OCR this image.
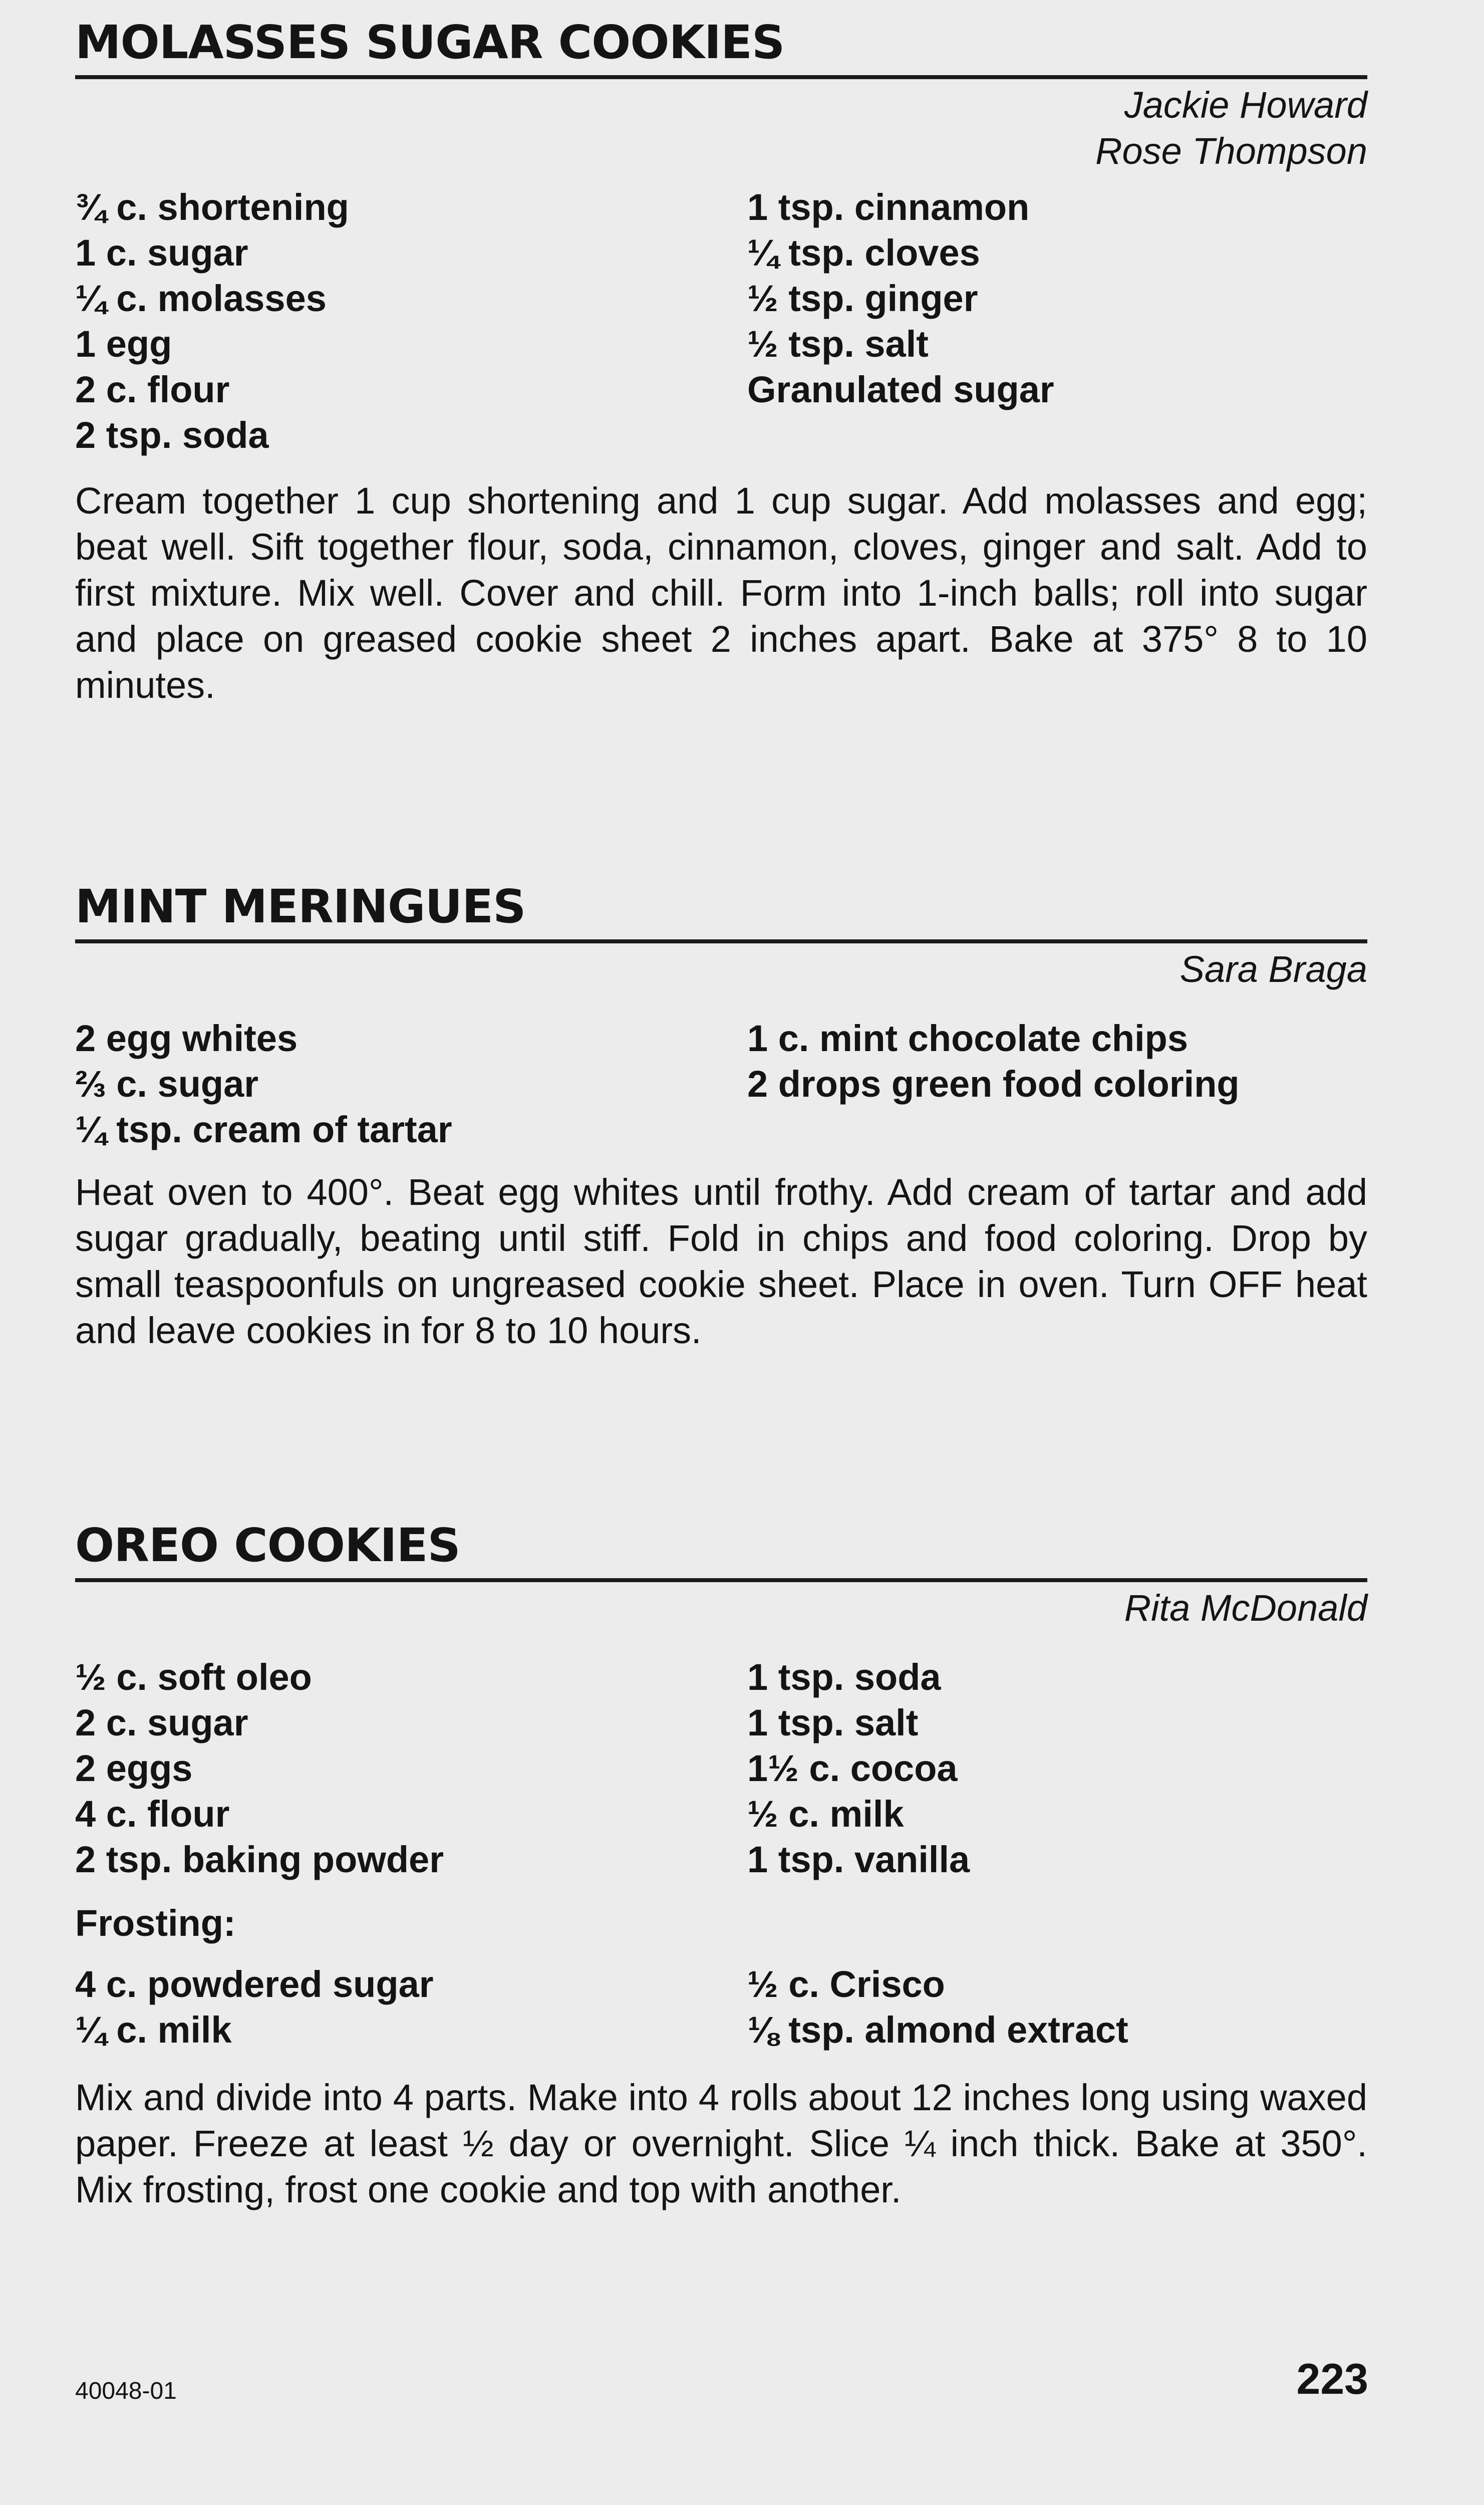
MOLASSES SUGAR COOKIES
Jackie Howard
Rose Thompson
¾ c. shortening
1 c. sugar
¼ c. molasses
1 egg
2 c. flour
2 tsp. soda
1 tsp. cinnamon
¼ tsp. cloves
½ tsp. ginger
½ tsp. salt
Granulated sugar
Cream together 1 cup shortening and 1 cup sugar. Add molasses and egg; beat well. Sift together flour, soda, cinnamon, cloves, ginger and salt. Add to first mixture. Mix well. Cover and chill. Form into 1-inch balls; roll into sugar and place on greased cookie sheet 2 inches apart. Bake at 375° 8 to 10 minutes.
MINT MERINGUES
Sara Braga
2 egg whites
⅔ c. sugar
¼ tsp. cream of tartar
1 c. mint chocolate chips
2 drops green food coloring
Heat oven to 400°. Beat egg whites until frothy. Add cream of tartar and add sugar gradually, beating until stiff. Fold in chips and food coloring. Drop by small teaspoonfuls on ungreased cookie sheet. Place in oven. Turn OFF heat and leave cookies in for 8 to 10 hours.
OREO COOKIES
Rita McDonald
½ c. soft oleo
2 c. sugar
2 eggs
4 c. flour
2 tsp. baking powder
1 tsp. soda
1 tsp. salt
1½ c. cocoa
½ c. milk
1 tsp. vanilla
Frosting:
4 c. powdered sugar
¼ c. milk
½ c. Crisco
⅛ tsp. almond extract
Mix and divide into 4 parts. Make into 4 rolls about 12 inches long using waxed paper. Freeze at least ½ day or overnight. Slice ¼ inch thick. Bake at 350°. Mix frosting, frost one cookie and top with another.
40048-01	223
